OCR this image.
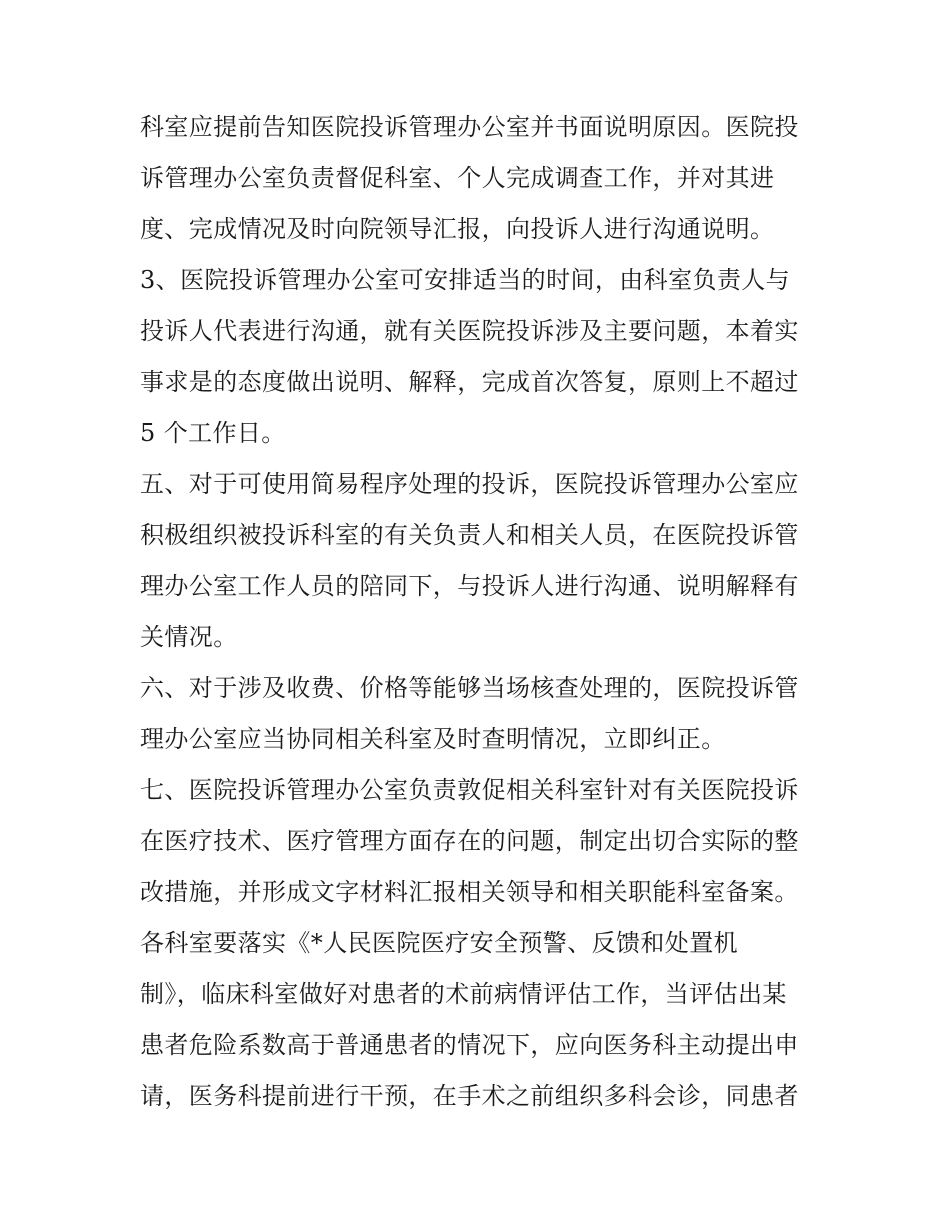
科室应提前告知医院投诉管理办公室并书面说明原因。医院投
诉管理办公室负责督促科室、个人完成调查工作，并对其进
度、完成情况及时向院领导汇报，向投诉人进行沟通说明。
3、医院投诉管理办公室可安排适当的时间，由科室负责人与
投诉人代表进行沟通，就有关医院投诉涉及主要问题，本着实
事求是的态度做出说明、解释，完成首次答复，原则上不超过
5 个工作日。
五、对于可使用简易程序处理的投诉，医院投诉管理办公室应
积极组织被投诉科室的有关负责人和相关人员，在医院投诉管
理办公室工作人员的陪同下，与投诉人进行沟通、说明解释有
关情况。
六、对于涉及收费、价格等能够当场核查处理的，医院投诉管
理办公室应当协同相关科室及时查明情况，立即纠正。
七、医院投诉管理办公室负责敦促相关科室针对有关医院投诉
在医疗技术、医疗管理方面存在的问题，制定出切合实际的整
改措施，并形成文字材料汇报相关领导和相关职能科室备案。
各科室要落实《*人民医院医疗安全预警、反馈和处置机
制》，临床科室做好对患者的术前病情评估工作，当评估出某
患者危险系数高于普通患者的情况下，应向医务科主动提出申
请，医务科提前进行干预，在手术之前组织多科会诊，同患者
